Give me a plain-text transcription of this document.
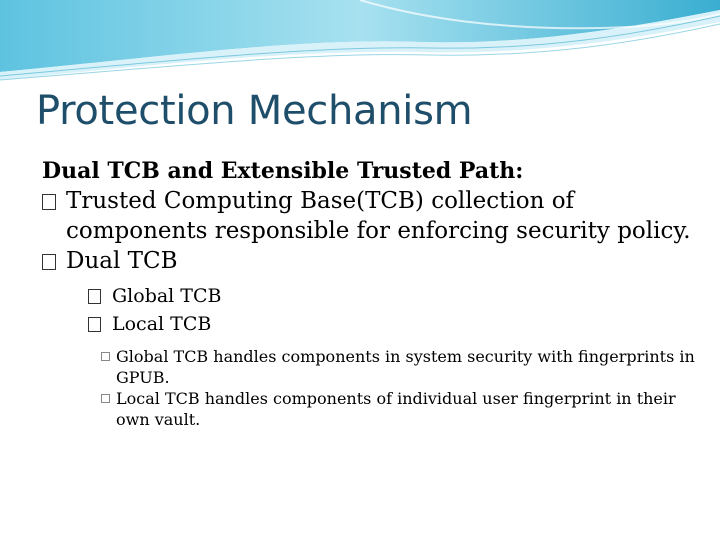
Protection Mechanism

Dual TCB and Extensible Trusted Path:

Trusted Computing Base(TCB) collection of components responsible for enforcing security policy.

Dual TCB

Global TCB

Local TCB

Global TCB handles components in system security with fingerprints in GPUB.

Local TCB handles components of individual user fingerprint in their own vault.
